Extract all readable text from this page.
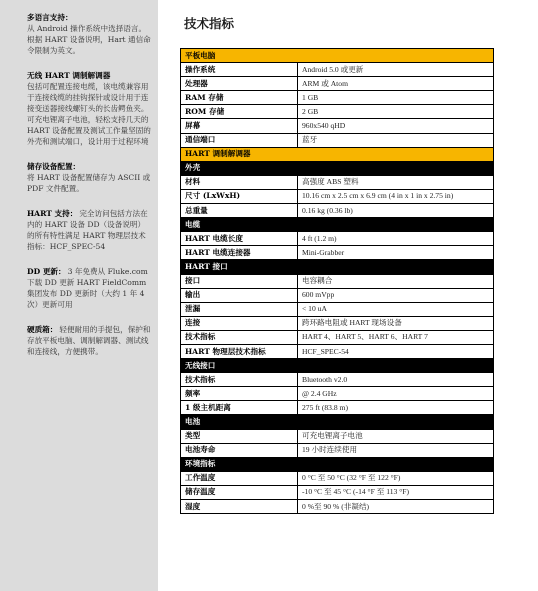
多语言支持：
从 Android 操作系统中选择语言。根据 HART 设备说明，Hart 通信命令限制为英文。
无线 HART 调制解调器
包括可配置连接电缆，该电缆兼容用于连接线缆的挂钩探针或设计用于连接变送器接线螺钉头的长齿鳄鱼夹。可充电锂离子电池，轻松支持几天的 HART 设备配置及测试工作量坚固的外壳和测试端口，设计用于过程环境
储存设备配置：
将 HART 设备配置储存为 ASCII 或 PDF 文件配置。
HART 支持： 完全访问包括方法在内的 HART 设备 DD（设备说明）的所有特性满足 HART 物理层技术指标：HCF_SPEC-54
DD 更新： 3 年免费从 Fluke.com 下载 DD 更新 HART FieldComm 集团发布 DD 更新时（大约 1 年 4 次）更新可用
硬质箱： 轻便耐用的手提包，保护和存放平板电脑、调制解调器、测试线和连接线，方便携带。
技术指标
平板电脑	
操作系统	Android 5.0 或更新
处理器	ARM 或 Atom
RAM 存储	1 GB
ROM 存储	2 GB
屏幕	960x540 qHD
通信端口	蓝牙
HART 调制解调器	
外壳	
材料	高强度 ABS 塑料
尺寸 (LxWxH)	10.16 cm x 2.5 cm x 6.9 cm (4 in x 1 in x 2.75 in)
总重量	0.16 kg (0.36 lb)
电缆	
HART 电缆长度	4 ft (1.2 m)
HART 电缆连接器	Mini-Grabber
HART 接口	
接口	电容耦合
输出	600 mVpp
泄漏	< 10 uA
连接	跨环路电阻或 HART 现场设备
技术指标	HART 4、HART 5、HART 6、HART 7
HART 物理层技术指标	HCF_SPEC-54
无线接口	
技术指标	Bluetooth v2.0
频率	@ 2.4 GHz
1 级主机距离	275 ft (83.8 m)
电池	
类型	可充电锂离子电池
电池寿命	19 小时连续使用
环境指标	
工作温度	0 °C 至 50 °C (32 °F 至 122 °F)
储存温度	-10 °C 至 45 °C (-14 °F 至 113 °F)
湿度	0 %至 90 % (非凝结)
